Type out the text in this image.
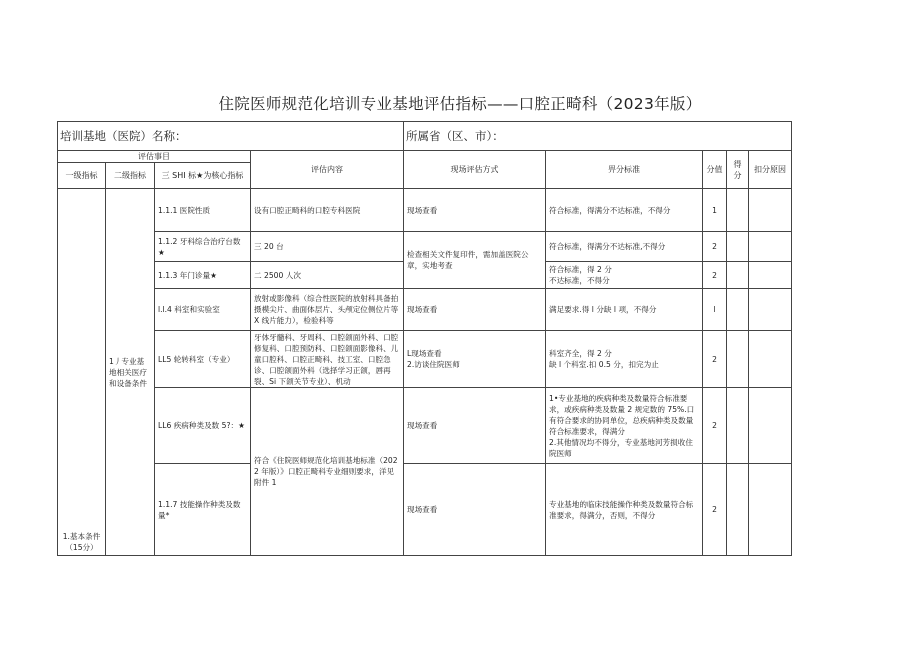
住院医师规范化培训专业基地评估指标——口腔正畸科（2023年版）
培训基地（医院）名称：				所属省（区、市）：				
评估事目			评估内容	现场评估方式	畀分标准	分值	得分	扣分原因
一级指标	二级指标	三 SHI 标★为核心指标						
1.基本条件（15分）	1丿专业基地相关医疗和设备条件	1.1.1 医院性质	设有口腔正畸科的口腔专科医院	现场查看	符合标准，得满分不达标准，不得分	1		
		1.1.2 牙科综合治疗台数★	三 20 台	检查相关文件复印件，需加盖医院公章，实地考查	符合标准，得满分不达标准,不得分	2		
		1.1.3 年门诊量★	二 2500 人次		符合标准，得 2 分
不达标准，不得分	2		
		l.l.4 科室和实验室	放射或影像科（综合性医院的放射科具备拍摄模尖片、曲面体层片、头颅定位侧位片等 X 线片能力），检验科等	现场查看	满足要求.得 l 分缺 l 项，不得分	l		
		LL5 轮转科室（专业）	牙体牙髓科、牙周科、口腔颌面外科、口腔修复科、口腔预防科、口腔颌面影像科、儿童口腔科、口腔正畸科、技工室、口腔急诊、口腔颌面外科（选择学习正颌，唇再裂、Si 下颌关节专业）、机动	L现场查看
2.访谈住院医师	科室齐全，得 2 分
缺 l 个科室.扣 0.5 分，扣完为止	2		
		LL6 疾病种类及数 5?：★	符合《住院医师规范化培训基地标准（2022 年版）》口腔正畸科专业细则要求，洋见附件 1	现场查看	1•专业基地的疾病种类及数量符合标准要求，或疾病种类及数量 2 规定数的 75%.口有符合要求的协同单位，总疾病种类及数量符合标准要求，得满分
2.其他情况均不得分，专业基地河芳损收住院医师	2		
		1.1.7 技能操作种类及数量*		现场查看	专业基地的临床技能操作种类及数量符合标准要求，得满分，否则，不得分	2		
